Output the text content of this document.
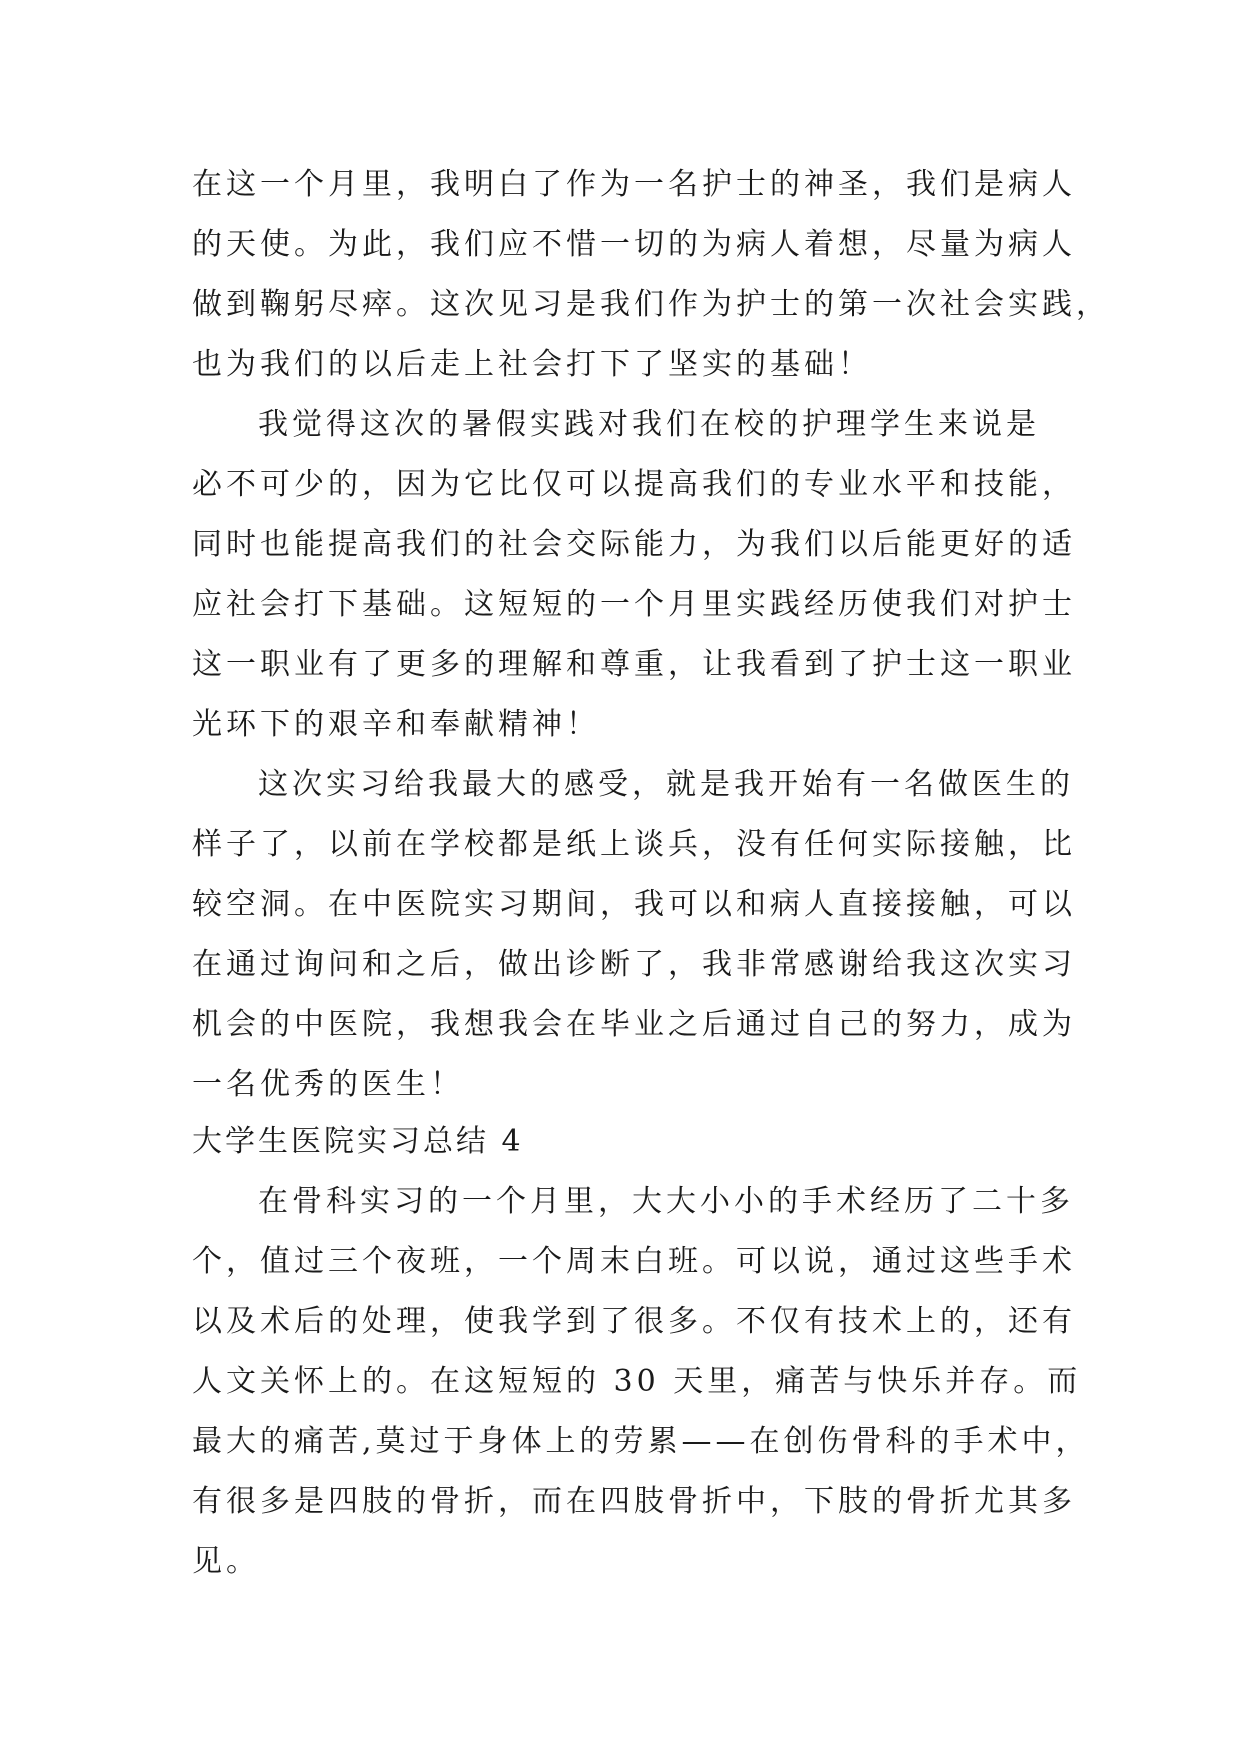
在这一个月里，我明白了作为一名护士的神圣，我们是病人
的天使。为此，我们应不惜一切的为病人着想，尽量为病人
做到鞠躬尽瘁。这次见习是我们作为护士的第一次社会实践，
也为我们的以后走上社会打下了坚实的基础！
我觉得这次的暑假实践对我们在校的护理学生来说是
必不可少的，因为它比仅可以提高我们的专业水平和技能，
同时也能提高我们的社会交际能力，为我们以后能更好的适
应社会打下基础。这短短的一个月里实践经历使我们对护士
这一职业有了更多的理解和尊重，让我看到了护士这一职业
光环下的艰辛和奉献精神！
这次实习给我最大的感受，就是我开始有一名做医生的
样子了，以前在学校都是纸上谈兵，没有任何实际接触，比
较空洞。在中医院实习期间，我可以和病人直接接触，可以
在通过询问和之后，做出诊断了，我非常感谢给我这次实习
机会的中医院，我想我会在毕业之后通过自己的努力，成为
一名优秀的医生！
大学生医院实习总结 4
在骨科实习的一个月里，大大小小的手术经历了二十多
个，值过三个夜班，一个周末白班。可以说，通过这些手术
以及术后的处理，使我学到了很多。不仅有技术上的，还有
人文关怀上的。在这短短的 30 天里，痛苦与快乐并存。而
最大的痛苦,莫过于身体上的劳累——在创伤骨科的手术中，
有很多是四肢的骨折，而在四肢骨折中，下肢的骨折尤其多
见。
